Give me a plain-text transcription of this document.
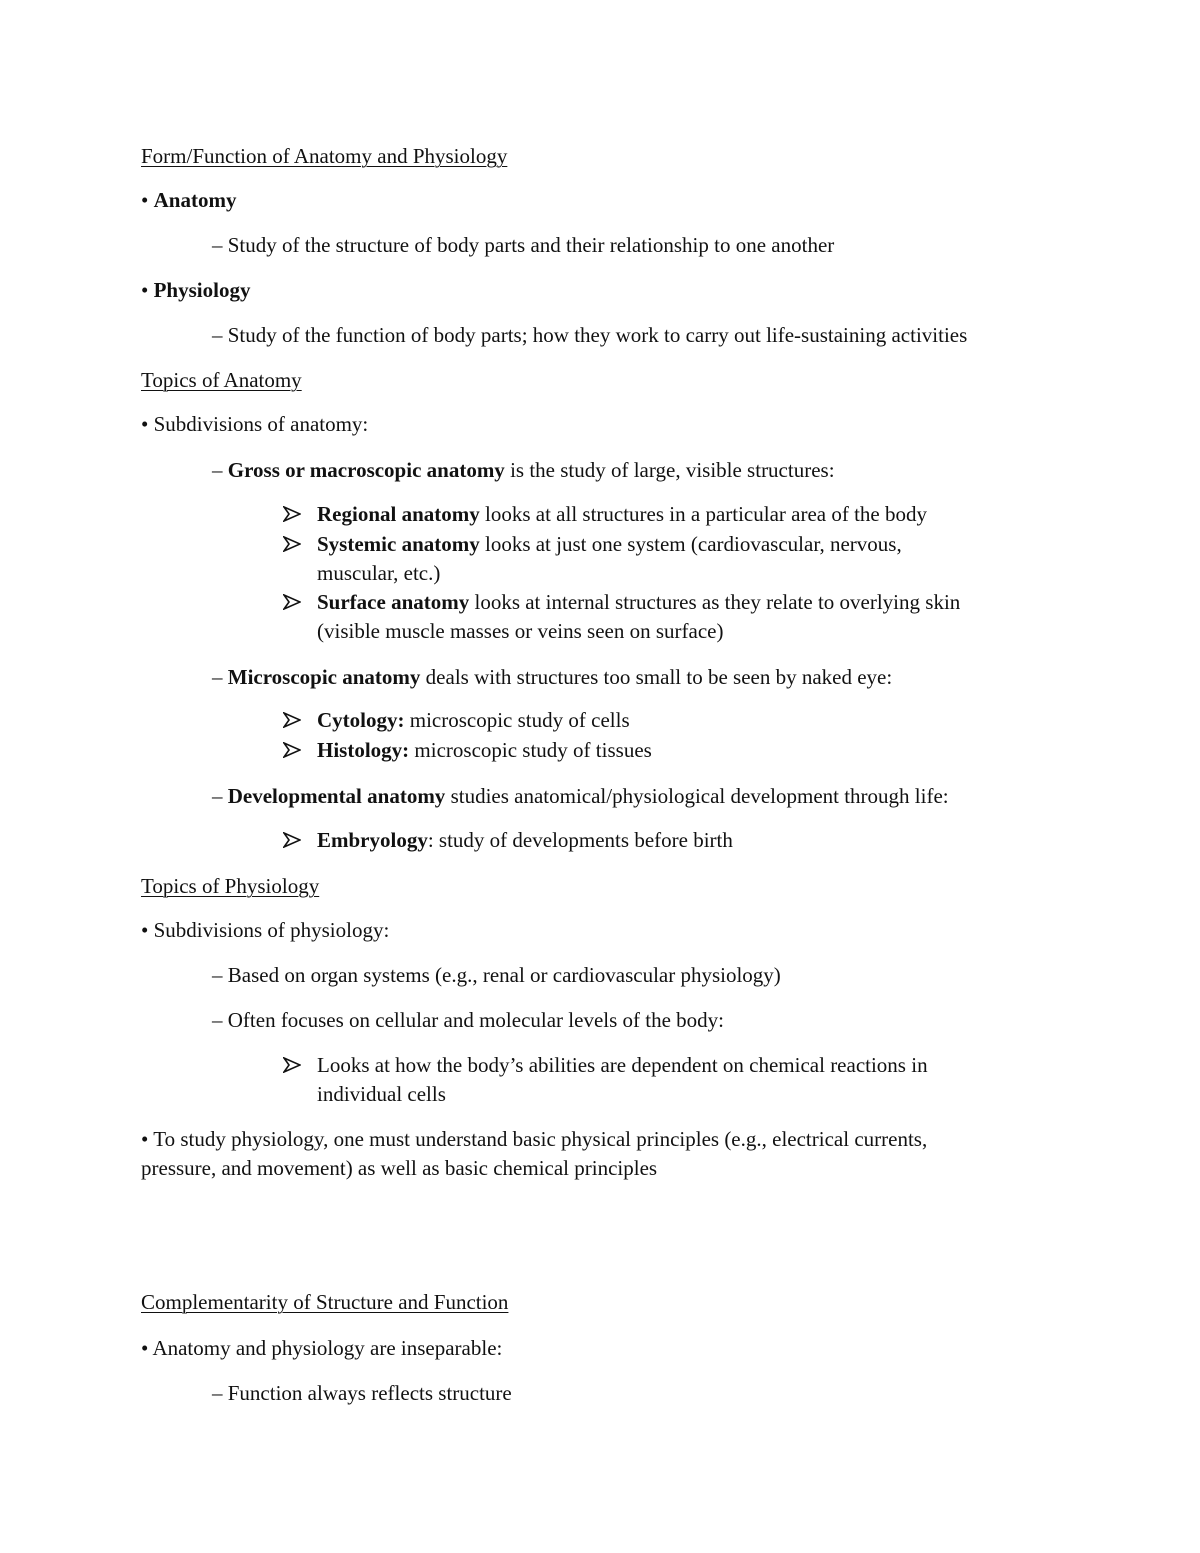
Form/Function of Anatomy and Physiology

• Anatomy

– Study of the structure of body parts and their relationship to one another

• Physiology

– Study of the function of body parts; how they work to carry out life-sustaining activities

Topics of Anatomy

• Subdivisions of anatomy:

– Gross or macroscopic anatomy is the study of large, visible structures:

Regional anatomy looks at all structures in a particular area of the body

Systemic anatomy looks at just one system (cardiovascular, nervous,

muscular, etc.)

Surface anatomy looks at internal structures as they relate to overlying skin

(visible muscle masses or veins seen on surface)

– Microscopic anatomy deals with structures too small to be seen by naked eye:

Cytology: microscopic study of cells

Histology: microscopic study of tissues

– Developmental anatomy studies anatomical/physiological development through life:

Embryology: study of developments before birth

Topics of Physiology

• Subdivisions of physiology:

– Based on organ systems (e.g., renal or cardiovascular physiology)

– Often focuses on cellular and molecular levels of the body:

Looks at how the body’s abilities are dependent on chemical reactions in

individual cells

• To study physiology, one must understand basic physical principles (e.g., electrical currents,

pressure, and movement) as well as basic chemical principles

Complementarity of Structure and Function

• Anatomy and physiology are inseparable:

– Function always reflects structure
